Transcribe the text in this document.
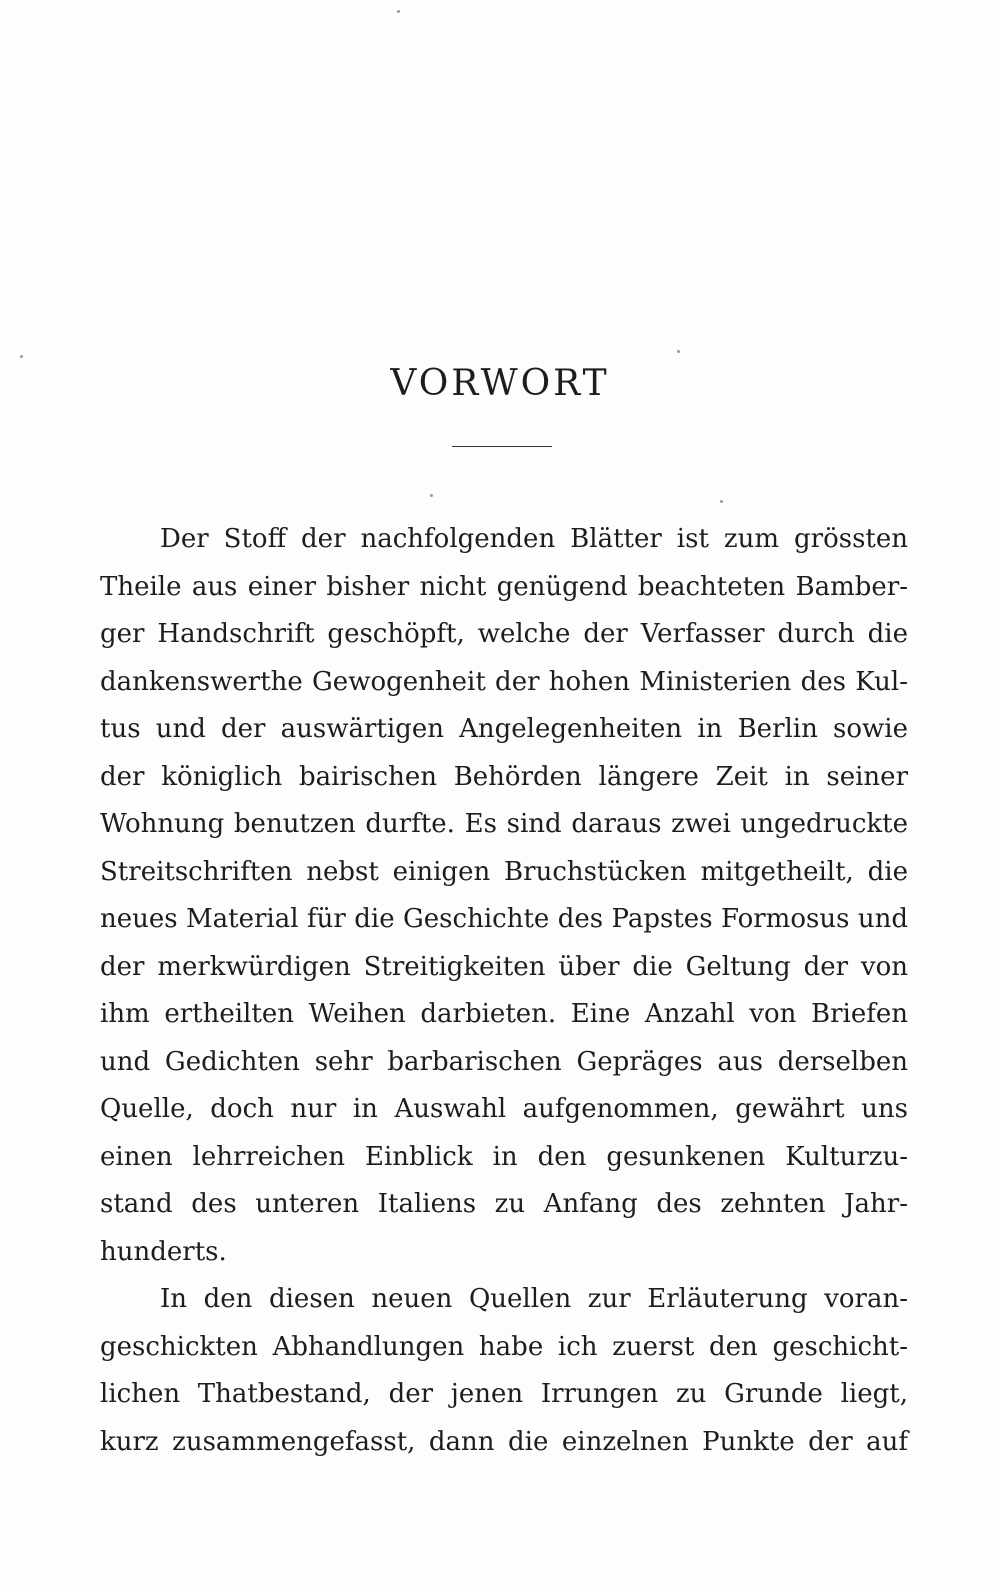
VORWORT
Der Stoff der nachfolgenden Blätter ist zum grössten
Theile aus einer bisher nicht genügend beachteten Bamber-
ger Handschrift geschöpft, welche der Verfasser durch die
dankenswerthe Gewogenheit der hohen Ministerien des Kul-
tus und der auswärtigen Angelegenheiten in Berlin sowie
der königlich bairischen Behörden längere Zeit in seiner
Wohnung benutzen durfte. Es sind daraus zwei ungedruckte
Streitschriften nebst einigen Bruchstücken mitgetheilt, die
neues Material für die Geschichte des Papstes Formosus und
der merkwürdigen Streitigkeiten über die Geltung der von
ihm ertheilten Weihen darbieten. Eine Anzahl von Briefen
und Gedichten sehr barbarischen Gepräges aus derselben
Quelle, doch nur in Auswahl aufgenommen, gewährt uns
einen lehrreichen Einblick in den gesunkenen Kulturzu-
stand des unteren Italiens zu Anfang des zehnten Jahr-
hunderts.
In den diesen neuen Quellen zur Erläuterung voran-
geschickten Abhandlungen habe ich zuerst den geschicht-
lichen Thatbestand, der jenen Irrungen zu Grunde liegt,
kurz zusammengefasst, dann die einzelnen Punkte der auf
